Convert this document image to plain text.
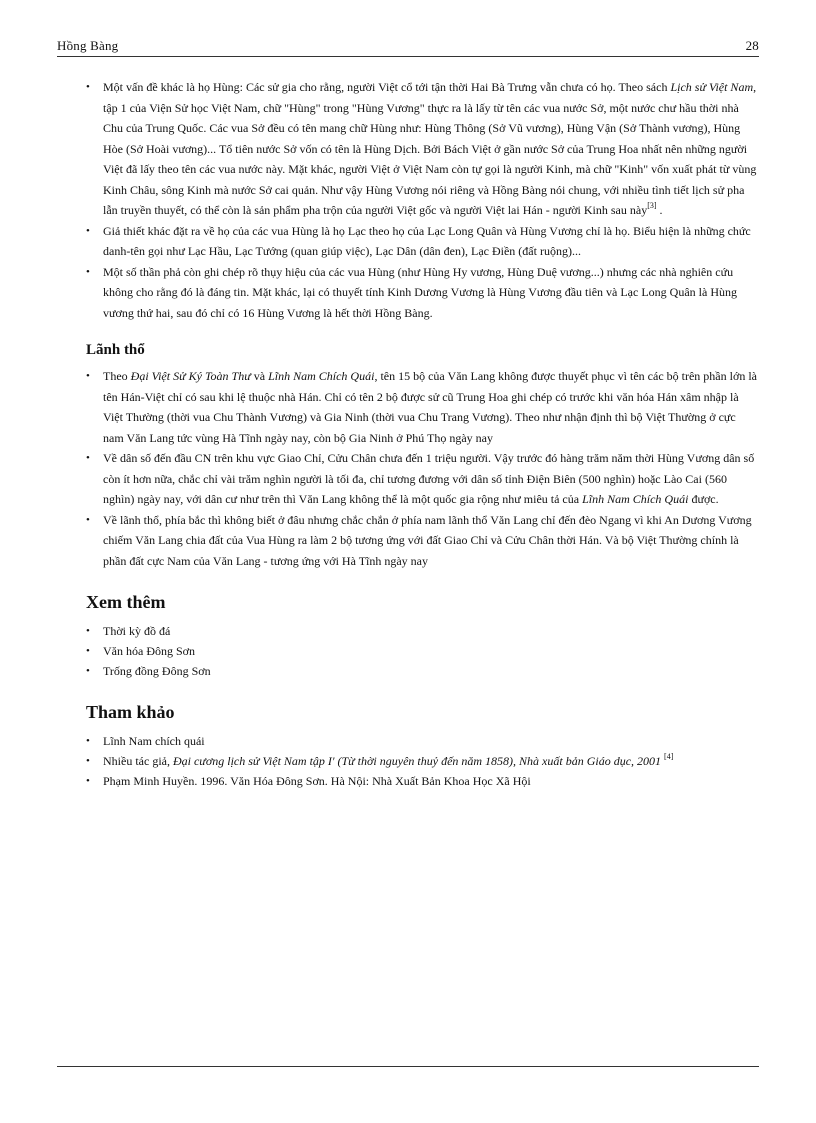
Hồng Bàng	28
• Một vấn đề khác là họ Hùng: Các sử gia cho rằng, người Việt cổ tới tận thời Hai Bà Trưng vẫn chưa có họ. Theo sách Lịch sử Việt Nam, tập 1 của Viện Sử học Việt Nam, chữ "Hùng" trong "Hùng Vương" thực ra là lấy từ tên các vua nước Sở, một nước chư hầu thời nhà Chu của Trung Quốc. Các vua Sở đều có tên mang chữ Hùng như: Hùng Thông (Sở Vũ vương), Hùng Vận (Sở Thành vương), Hùng Hòe (Sở Hoài vương)... Tổ tiên nước Sở vốn có tên là Hùng Dịch. Bởi Bách Việt ở gần nước Sở của Trung Hoa nhất nên những người Việt đã lấy theo tên các vua nước này. Mặt khác, người Việt ở Việt Nam còn tự gọi là người Kinh, mà chữ "Kinh" vốn xuất phát từ vùng Kinh Châu, sông Kinh mà nước Sở cai quản. Như vậy Hùng Vương nói riêng và Hồng Bàng nói chung, với nhiều tình tiết lịch sử pha lẫn truyền thuyết, có thể còn là sản phẩm pha trộn của người Việt gốc và người Việt lai Hán - người Kinh sau này[3] .
• Giả thiết khác đặt ra về họ của các vua Hùng là họ Lạc theo họ của Lạc Long Quân và Hùng Vương chỉ là họ. Biểu hiện là những chức danh-tên gọi như Lạc Hầu, Lạc Tướng (quan giúp việc), Lạc Dân (dân đen), Lạc Điền (đất ruộng)...
• Một số thần phả còn ghi chép rõ thụy hiệu của các vua Hùng (như Hùng Hy vương, Hùng Duệ vương...) nhưng các nhà nghiên cứu không cho rằng đó là đáng tin. Mặt khác, lại có thuyết tính Kinh Dương Vương là Hùng Vương đầu tiên và Lạc Long Quân là Hùng vương thứ hai, sau đó chỉ có 16 Hùng Vương là hết thời Hồng Bàng.
Lãnh thổ
• Theo Đại Việt Sử Ký Toàn Thư và Lĩnh Nam Chích Quái, tên 15 bộ của Văn Lang không được thuyết phục vì tên các bộ trên phần lớn là tên Hán-Việt chỉ có sau khi lệ thuộc nhà Hán. Chỉ có tên 2 bộ được sử cũ Trung Hoa ghi chép có trước khi văn hóa Hán xâm nhập là Việt Thường (thời vua Chu Thành Vương) và Gia Ninh (thời vua Chu Trang Vương). Theo như nhận định thì bộ Việt Thường ở cực nam Văn Lang tức vùng Hà Tĩnh ngày nay, còn bộ Gia Ninh ở Phú Thọ ngày nay
• Về dân số đến đầu CN trên khu vực Giao Chỉ, Cửu Chân chưa đến 1 triệu người. Vậy trước đó hàng trăm năm thời Hùng Vương dân số còn ít hơn nữa, chắc chỉ vài trăm nghìn người là tối đa, chỉ tương đương với dân số tỉnh Điện Biên (500 nghìn) hoặc Lào Cai (560 nghìn) ngày nay, với dân cư như trên thì Văn Lang không thể là một quốc gia rộng như miêu tả của Lĩnh Nam Chích Quái được.
• Về lãnh thổ, phía bắc thì không biết ở đâu nhưng chắc chắn ở phía nam lãnh thổ Văn Lang chỉ đến đèo Ngang vì khi An Dương Vương chiếm Văn Lang chia đất của Vua Hùng ra làm 2 bộ tương ứng với đất Giao Chỉ và Cửu Chân thời Hán. Và bộ Việt Thường chính là phần đất cực Nam của Văn Lang - tương ứng với Hà Tĩnh ngày nay
Xem thêm
• Thời kỳ đồ đá
• Văn hóa Đông Sơn
• Trống đồng Đông Sơn
Tham khảo
• Lĩnh Nam chích quái
• Nhiều tác giả, Đại cương lịch sử Việt Nam tập I' (Từ thời nguyên thuỷ đến năm 1858), Nhà xuất bản Giáo dục, 2001 [4]
• Phạm Minh Huyền. 1996. Văn Hóa Đông Sơn. Hà Nội: Nhà Xuất Bản Khoa Học Xã Hội
